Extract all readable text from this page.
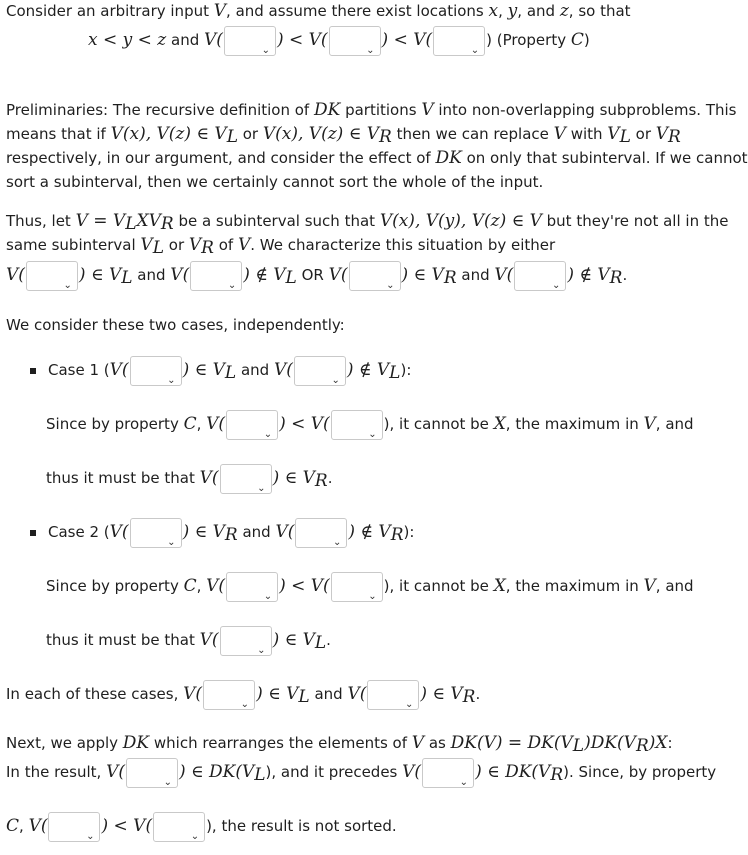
Consider an arbitrary input V, and assume there exist locations x, y, and z, so that
x < y < z and V(	⌄ ) < V(	⌄ ) < V(	⌄
) (Property C)
Preliminaries: The recursive definition of DK partitions V into non-overlapping subproblems. This
means that if V(x), V(z) ∈ $V_L$ or V(x), V(z) ∈ $V_R$ then we can replace V with $V_L$ or $V_R$
respectively, in our argument, and consider the effect of DK on only that subinterval. If we cannot
sort a subinterval, then we certainly cannot sort the whole of the input.
Thus, let $V = V_LXV_R$ be a subinterval such that V(x), V(y), V(z) ∈ V but they're not all in the
same subinterval $V_L$ or $V_R$ of V. We characterize this situation by either
V(	⌄ ) ∈ $V_L$ and V(	⌄ ) ∉ $V_L$ OR V(	⌄ ) ∈ $V_R$ and V(	⌄ ) ∉ $V_R$.
We consider these two cases, independently:
Case 1 (V(	⌄ ) ∈ $V_L$ and V(	⌄ ) ∉ $V_L$):
Since by property C, V(	⌄ ) < V(	⌄
), it cannot be X, the maximum in V, and
thus it must be that V(	⌄ ) ∈ $V_R$.
Case 2 (V(	⌄ ) ∈ $V_R$ and V(	⌄ ) ∉ $V_R$):
Since by property C, V(	⌄ ) < V(	⌄
), it cannot be X, the maximum in V, and
thus it must be that V(	⌄ ) ∈ $V_L$.
In each of these cases, V(	⌄ ) ∈ $V_L$ and V(	⌄ ) ∈ $V_R$.
Next, we apply DK which rearranges the elements of V as $DK(V) = DK(V_L)DK(V_R)X$:
In the result, V(	⌄ ) ∈ $DK(V_L)$, and it precedes V(	⌄ ) ∈ $DK(V_R)$. Since, by property
C, V(	⌄ ) < V(	⌄
), the result is not sorted.
